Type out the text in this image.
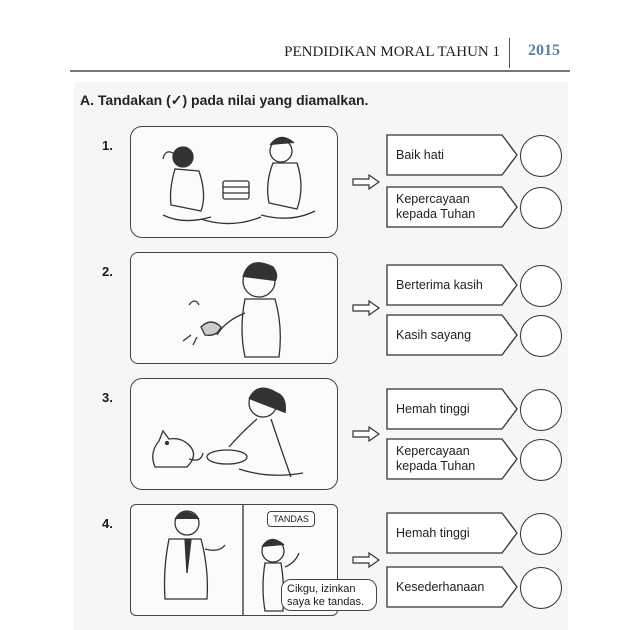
PENDIDIKAN MORAL TAHUN 1 2015
A. Tandakan (✓) pada nilai yang diamalkan.
1.
Baik hati
Kepercayaan kepada Tuhan
2.
Berterima kasih
Kasih sayang
3.
Hemah tinggi
Kepercayaan kepada Tuhan
4.	TANDAS
Cikgu, izinkan saya ke tandas.
Hemah tinggi
Kesederhanaan
